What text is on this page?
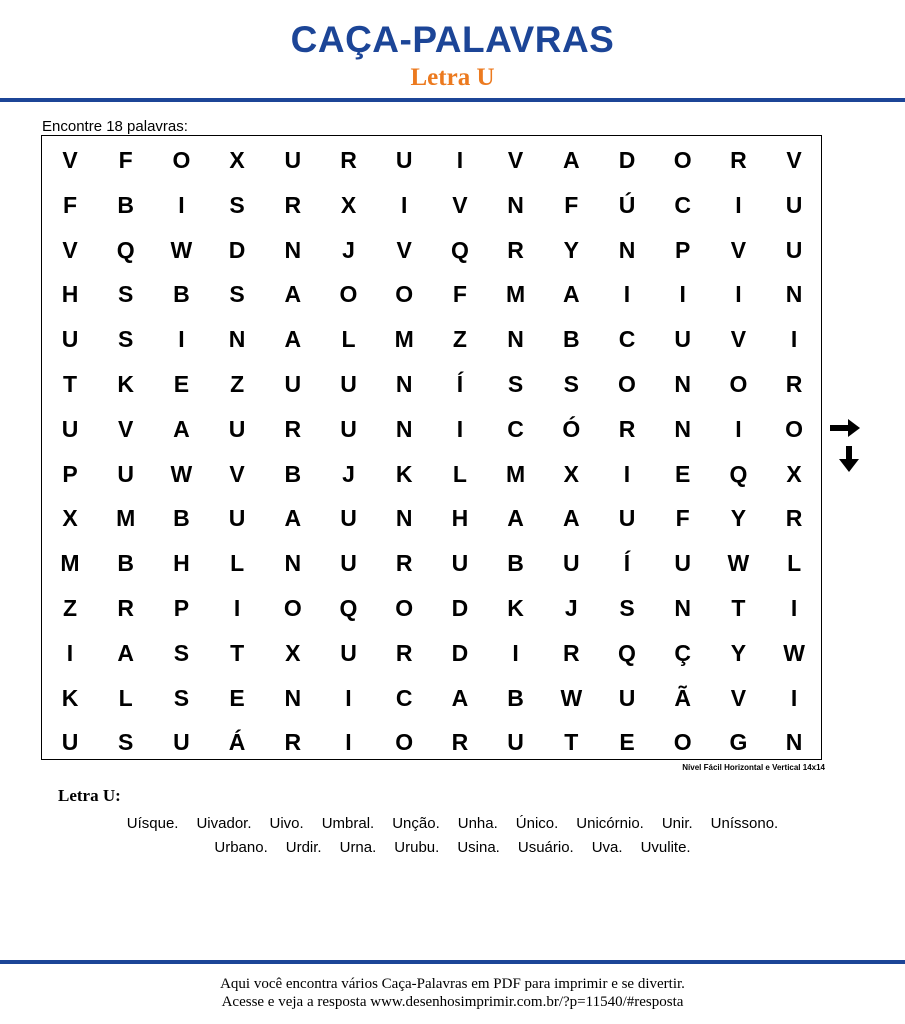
CAÇA-PALAVRAS
Letra U
Encontre 18 palavras:
V	F	O	X	U	R	U	I	V	A	D	O	R	V
F	B	I	S	R	X	I	V	N	F	Ú	C	I	U
V	Q	W	D	N	J	V	Q	R	Y	N	P	V	U
H	S	B	S	A	O	O	F	M	A	I	I	I	N
U	S	I	N	A	L	M	Z	N	B	C	U	V	I
T	K	E	Z	U	U	N	Í	S	S	O	N	O	R
U	V	A	U	R	U	N	I	C	Ó	R	N	I	O
P	U	W	V	B	J	K	L	M	X	I	E	Q	X
X	M	B	U	A	U	N	H	A	A	U	F	Y	R
M	B	H	L	N	U	R	U	B	U	Í	U	W	L
Z	R	P	I	O	Q	O	D	K	J	S	N	T	I
I	A	S	T	X	U	R	D	I	R	Q	Ç	Y	W
K	L	S	E	N	I	C	A	B	W	U	Ã	V	I
U	S	U	Á	R	I	O	R	U	T	E	O	G	N
Nível Fácil Horizontal e Vertical 14x14
Letra U:
Uísque. Uivador. Uivo. Umbral. Unção. Unha. Único. Unicórnio. Unir. Uníssono.
Urbano. Urdir. Urna. Urubu. Usina. Usuário. Uva. Uvulite.
Aqui você encontra vários Caça-Palavras em PDF para imprimir e se divertir.
Acesse e veja a resposta www.desenhosimprimir.com.br/?p=11540/#resposta
